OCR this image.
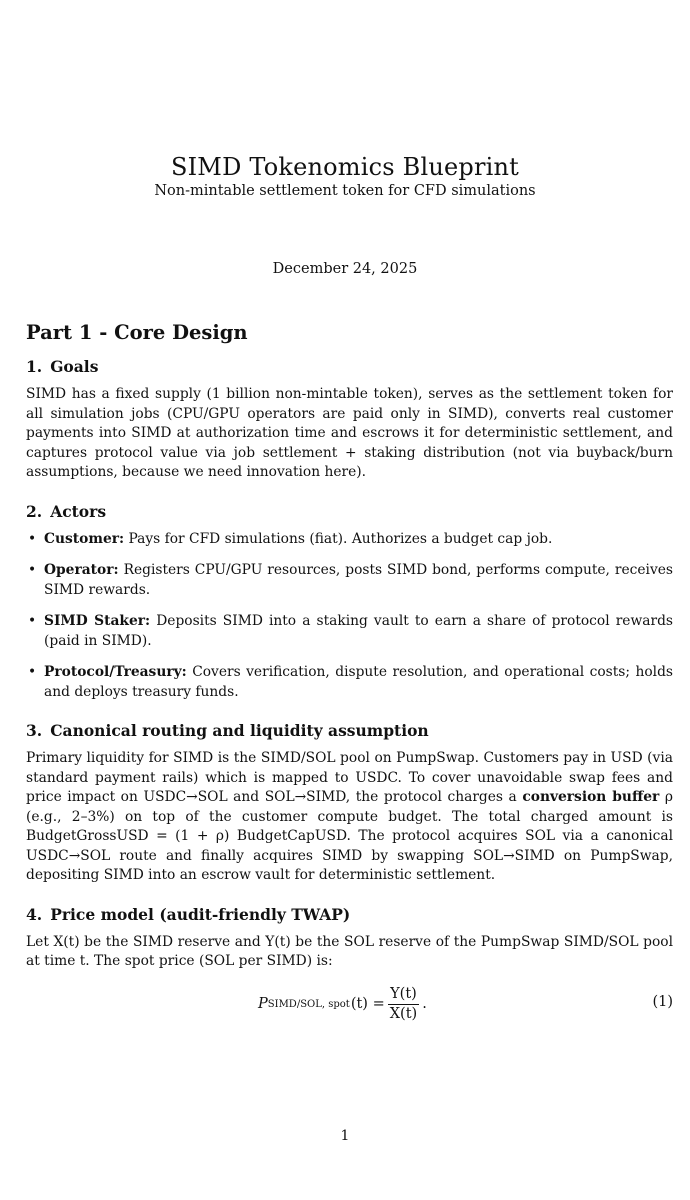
SIMD Tokenomics Blueprint
Non-mintable settlement token for CFD simulations
December 24, 2025
Part 1 - Core Design
1. Goals

SIMD has a fixed supply (1 billion non-mintable token), serves as the settlement token for all simulation jobs (CPU/GPU operators are paid only in SIMD), converts real customer payments into SIMD at authorization time and escrows it for deterministic settlement, and captures protocol value via job settlement + staking distribution (not via buyback/burn assumptions, because we need innovation here).

2. Actors
• Customer: Pays for CFD simulations (fiat). Authorizes a budget cap job.
• Operator: Registers CPU/GPU resources, posts SIMD bond, performs compute, receives SIMD rewards.
• SIMD Staker: Deposits SIMD into a staking vault to earn a share of protocol rewards (paid in SIMD).
• Protocol/Treasury: Covers verification, dispute resolution, and operational costs; holds and deploys treasury funds.
3. Canonical routing and liquidity assumption

Primary liquidity for SIMD is the SIMD/SOL pool on PumpSwap. Customers pay in USD (via standard payment rails) which is mapped to USDC. To cover unavoidable swap fees and price impact on USDC→SOL and SOL→SIMD, the protocol charges a conversion buffer ρ (e.g., 2–3%) on top of the customer compute budget. The total charged amount is BudgetGrossUSD = (1 + ρ) BudgetCapUSD. The protocol acquires SOL via a canonical USDC→SOL route and finally acquires SIMD by swapping SOL→SIMD on PumpSwap, depositing SIMD into an escrow vault for deterministic settlement.

4. Price model (audit-friendly TWAP)

Let X(t) be the SIMD reserve and Y(t) be the SOL reserve of the PumpSwap SIMD/SOL pool at time t. The spot price (SOL per SIMD) is:

P SIMD/SOL, spot $(t) = \frac{Y(t)}{X(t)}$ .	(1)
1
